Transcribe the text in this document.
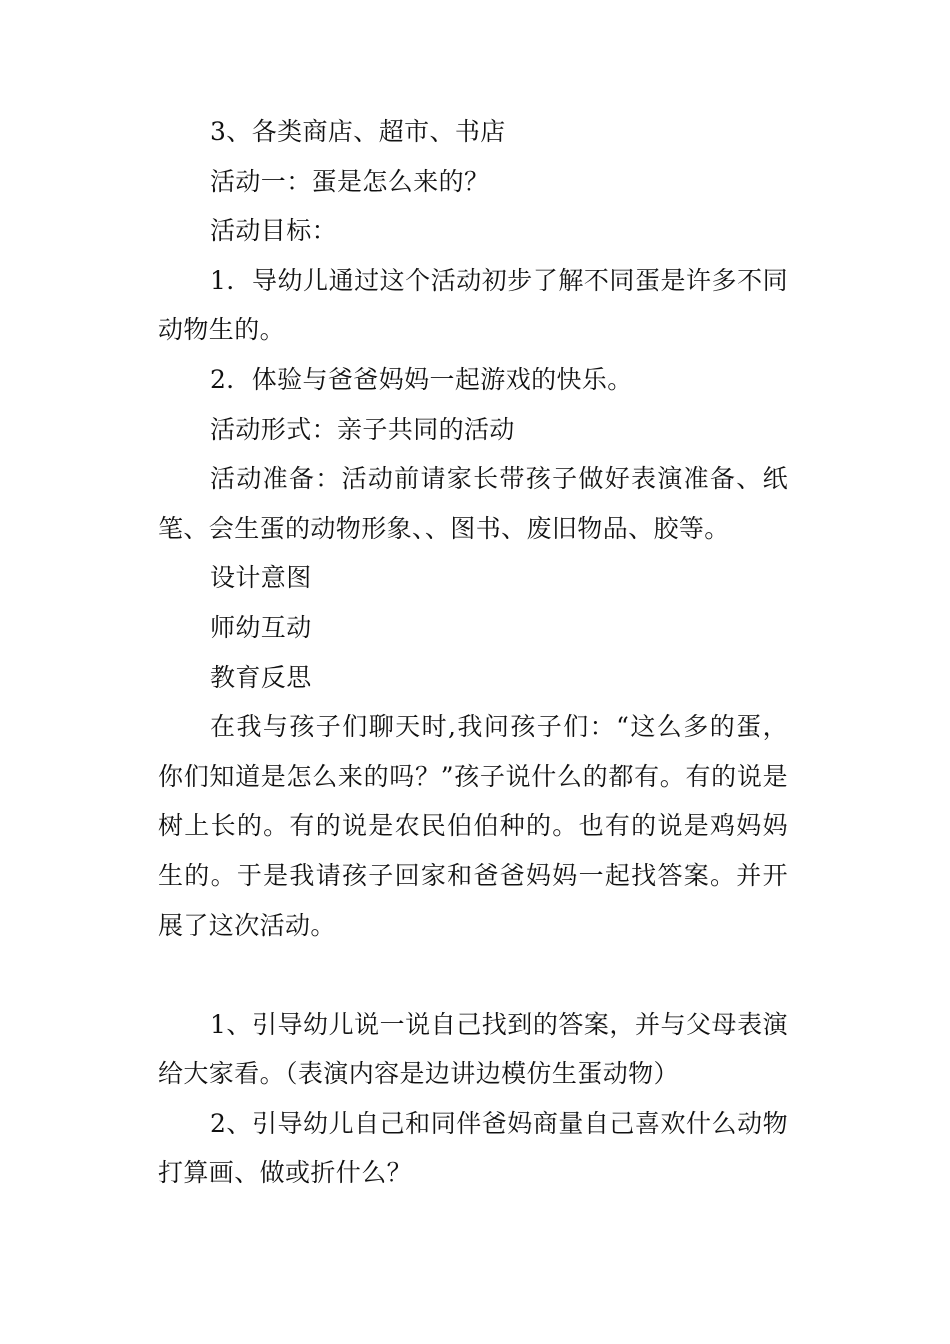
3、各类商店、超市、书店

活动一：蛋是怎么来的？

活动目标：

1．导幼儿通过这个活动初步了解不同蛋是许多不同动物生的。

2．体验与爸爸妈妈一起游戏的快乐。

活动形式：亲子共同的活动

活动准备：活动前请家长带孩子做好表演准备、纸笔、会生蛋的动物形象、、图书、废旧物品、胶等。

设计意图

师幼互动

教育反思

在我与孩子们聊天时,我问孩子们：“这么多的蛋，你们知道是怎么来的吗？”孩子说什么的都有。有的说是树上长的。有的说是农民伯伯种的。也有的说是鸡妈妈生的。于是我请孩子回家和爸爸妈妈一起找答案。并开展了这次活动。

1、引导幼儿说一说自己找到的答案，并与父母表演给大家看。（表演内容是边讲边模仿生蛋动物）

2、引导幼儿自己和同伴爸妈商量自己喜欢什么动物打算画、做或折什么？
